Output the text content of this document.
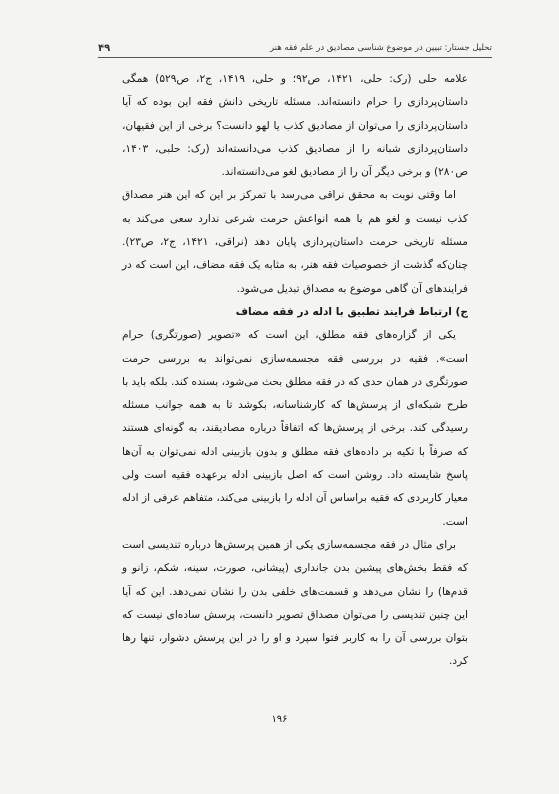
۴۹	تحلیل جستار: تبیین در موضوع شناسی مصادیق در علم فقه هنر

علامه حلی (رک: حلی، ۱۴۲۱، ص۹۲؛ و حلی، ۱۴۱۹، ج۲، ص۵۲۹) همگی داستان‌پردازی را حرام دانسته‌اند. مسئله تاریخی دانش فقه این بوده که آیا داستان‌پردازی را می‌توان از مصادیق کذب یا لهو دانست؟ برخی از این فقیهان، داستان‌پردازی شبانه را از مصادیق کذب می‌دانسته‌اند (رک: حلبی، ۱۴۰۳، ص۲۸۰) و برخی دیگر آن را از مصادیق لغو می‌دانسته‌اند.

اما وقتی نوبت به محقق نراقی می‌رسد با تمرکز بر این که این هنر مصداق کذب نیست و لغو هم با همه انواعش حرمت شرعی ندارد سعی می‌کند به مسئله تاریخی حرمت داستان‌پردازی پایان دهد (نراقی، ۱۴۲۱، ج۲، ص۲۳). چنان‌که گذشت از خصوصیات فقه هنر، به مثابه یک فقه مضاف، این است که در فرایندهای آن گاهی موضوع به مصداق تبدیل می‌شود.

ج) ارتباط فرایند تطبیق با ادله در فقه مضاف

یکی از گزاره‌های فقه مطلق، این است که «تصویر (صورتگری) حرام است». فقیه در بررسی فقه مجسمه‌سازی نمی‌تواند به بررسی حرمت صورتگری در همان حدی که در فقه مطلق بحث می‌شود، بسنده کند. بلکه باید با طرح شبکه‌ای از پرسش‌ها که کارشناسانه، بکوشد تا به همه جوانب مسئله رسیدگی کند. برخی از پرسش‌ها که اتفاقاً درباره مصادیقند، به گونه‌ای هستند که صرفاً با تکیه بر داده‌های فقه مطلق و بدون بازبینی ادله نمی‌توان به آن‌ها پاسخ شایسته داد. روشن است که اصل بازبینی ادله برعهده فقیه است ولی معیار کاربردی که فقیه براساس آن ادله را بازبینی می‌کند، متفاهم عرفی از ادله است.

برای مثال در فقه مجسمه‌سازی یکی از همین پرسش‌ها درباره تندیسی است که فقط بخش‌های پیشین بدن جانداری (پیشانی، صورت، سینه، شکم، زانو و قدم‌ها) را نشان می‌دهد و قسمت‌های خلفی بدن را نشان نمی‌دهد. این که آیا این چنین تندیسی را می‌توان مصداق تصویر دانست، پرسش ساده‌ای نیست که بتوان بررسی آن را به کاربر فتوا سپرد و او را در این پرسش دشوار، تنها رها کرد.

۱۹۶
